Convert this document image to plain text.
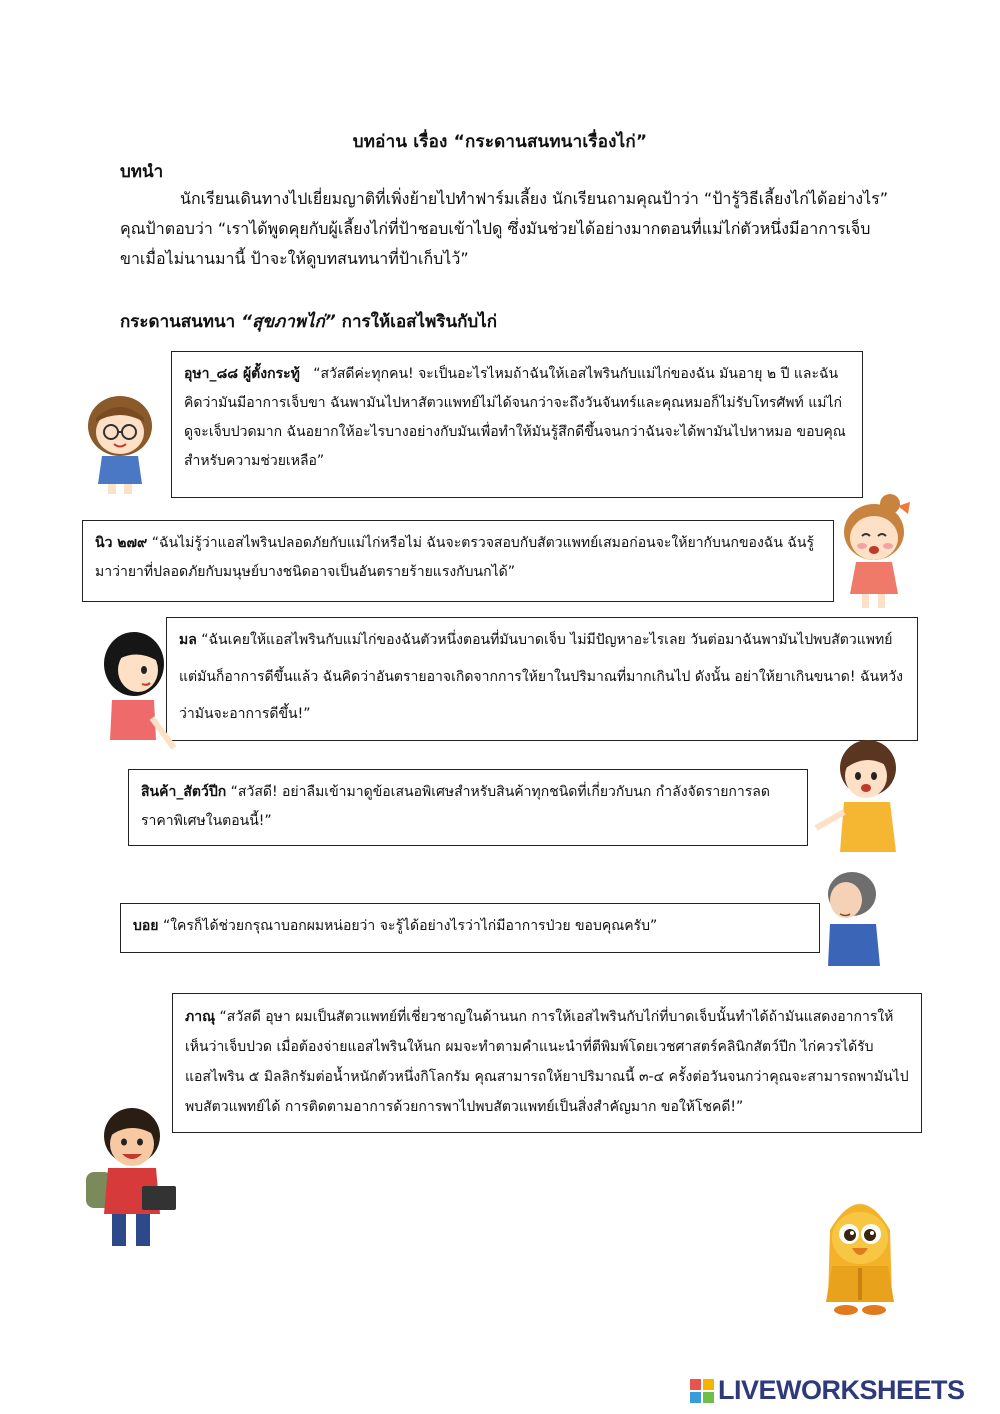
บทอ่าน เรื่อง “กระดานสนทนาเรื่องไก่”
บทนำ
นักเรียนเดินทางไปเยี่ยมญาติที่เพิ่งย้ายไปทำฟาร์มเลี้ยง นักเรียนถามคุณป้าว่า “ป้ารู้วิธีเลี้ยงไก่ได้อย่างไร” คุณป้าตอบว่า “เราได้พูดคุยกับผู้เลี้ยงไก่ที่ป้าชอบเข้าไปดู ซึ่งมันช่วยได้อย่างมากตอนที่แม่ไก่ตัวหนึ่งมีอาการเจ็บขาเมื่อไม่นานมานี้ ป้าจะให้ดูบทสนทนาที่ป้าเก็บไว้”
กระดานสนทนา “สุขภาพไก่” การให้เอสไพรินกับไก่
อุษา_๘๘ ผู้ตั้งกระทู้ “สวัสดีค่ะทุกคน! จะเป็นอะไรไหมถ้าฉันให้เอสไพรินกับแม่ไก่ของฉัน มันอายุ ๒ ปี และฉันคิดว่ามันมีอาการเจ็บขา ฉันพามันไปหาสัตวแพทย์ไม่ได้จนกว่าจะถึงวันจันทร์และคุณหมอก็ไม่รับโทรศัพท์ แม่ไก่ดูจะเจ็บปวดมาก ฉันอยากให้อะไรบางอย่างกับมันเพื่อทำให้มันรู้สึกดีขึ้นจนกว่าฉันจะได้พามันไปหาหมอ ขอบคุณสำหรับความช่วยเหลือ”
นิว ๒๗๙ “ฉันไม่รู้ว่าแอสไพรินปลอดภัยกับแม่ไก่หรือไม่ ฉันจะตรวจสอบกับสัตวแพทย์เสมอก่อนจะให้ยากับนกของฉัน ฉันรู้มาว่ายาที่ปลอดภัยกับมนุษย์บางชนิดอาจเป็นอันตรายร้ายแรงกับนกได้”
มล “ฉันเคยให้แอสไพรินกับแม่ไก่ของฉันตัวหนึ่งตอนที่มันบาดเจ็บ ไม่มีปัญหาอะไรเลย วันต่อมาฉันพามันไปพบสัตวแพทย์แต่มันก็อาการดีขึ้นแล้ว ฉันคิดว่าอันตรายอาจเกิดจากการให้ยาในปริมาณที่มากเกินไป ดังนั้น อย่าให้ยาเกินขนาด! ฉันหวังว่ามันจะอาการดีขึ้น!”
สินค้า_สัตว์ปีก “สวัสดี! อย่าลืมเข้ามาดูข้อเสนอพิเศษสำหรับสินค้าทุกชนิดที่เกี่ยวกับนก กำลังจัดรายการลดราคาพิเศษในตอนนี้!”
บอย “ใครก็ได้ช่วยกรุณาบอกผมหน่อยว่า จะรู้ได้อย่างไรว่าไก่มีอาการป่วย ขอบคุณครับ”
ภาณุ “สวัสดี อุษา ผมเป็นสัตวแพทย์ที่เชี่ยวชาญในด้านนก การให้เอสไพรินกับไก่ที่บาดเจ็บนั้นทำได้ถ้ามันแสดงอาการให้เห็นว่าเจ็บปวด เมื่อต้องจ่ายแอสไพรินให้นก ผมจะทำตามคำแนะนำที่ตีพิมพ์โดยเวชศาสตร์คลินิกสัตว์ปีก ไก่ควรได้รับแอสไพริน ๕ มิลลิกรัมต่อน้ำหนักตัวหนึ่งกิโลกรัม คุณสามารถให้ยาปริมาณนี้ ๓-๔ ครั้งต่อวันจนกว่าคุณจะสามารถพามันไปพบสัตวแพทย์ได้ การติดตามอาการด้วยการพาไปพบสัตวแพทย์เป็นสิ่งสำคัญมาก ขอให้โชคดี!”
LIVEWORKSHEETS
